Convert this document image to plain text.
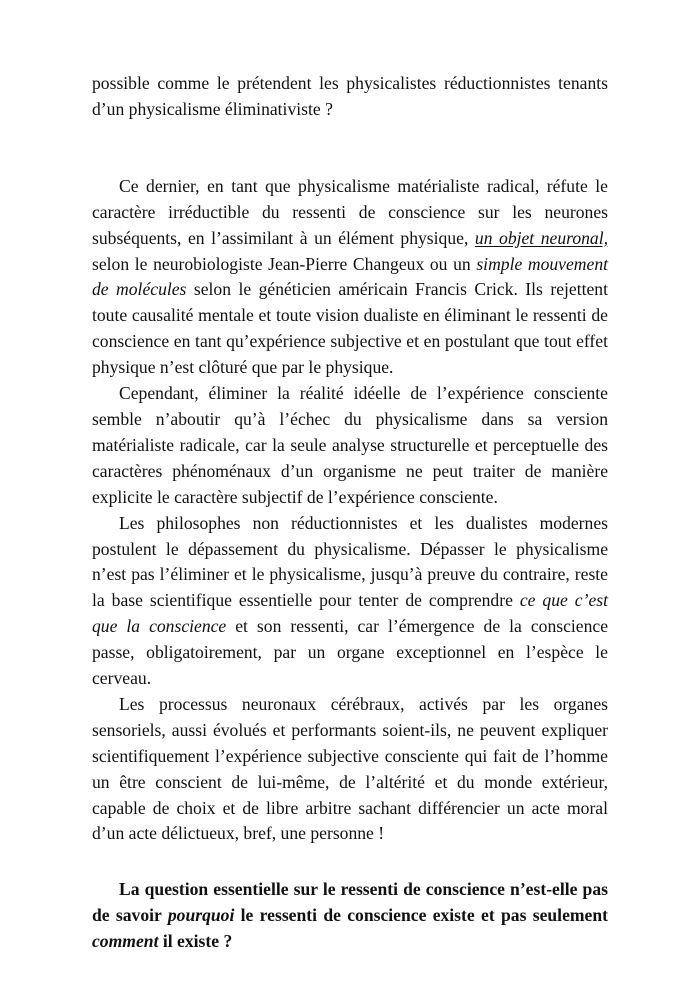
possible comme le prétendent les physicalistes réductionnistes tenants d’un physicalisme éliminativiste ?

Ce dernier, en tant que physicalisme matérialiste radical, réfute le caractère irréductible du ressenti de conscience sur les neurones subséquents, en l’assimilant à un élément physique, un objet neuronal, selon le neurobiologiste Jean-Pierre Changeux ou un simple mouvement de molécules selon le généticien américain Francis Crick. Ils rejettent toute causalité mentale et toute vision dualiste en éliminant le ressenti de conscience en tant qu’expérience subjective et en postulant que tout effet physique n’est clôturé que par le physique.

Cependant, éliminer la réalité idéelle de l’expérience consciente semble n’aboutir qu’à l’échec du physicalisme dans sa version matérialiste radicale, car la seule analyse structurelle et perceptuelle des caractères phénoménaux d’un organisme ne peut traiter de manière explicite le caractère subjectif de l’expérience consciente.

Les philosophes non réductionnistes et les dualistes modernes postulent le dépassement du physicalisme. Dépasser le physicalisme n’est pas l’éliminer et le physicalisme, jusqu’à preuve du contraire, reste la base scientifique essentielle pour tenter de comprendre ce que c’est que la conscience et son ressenti, car l’émergence de la conscience passe, obligatoirement, par un organe exceptionnel en l’espèce le cerveau.

Les processus neuronaux cérébraux, activés par les organes sensoriels, aussi évolués et performants soient-ils, ne peuvent expliquer scientifiquement l’expérience subjective consciente qui fait de l’homme un être conscient de lui-même, de l’altérité et du monde extérieur, capable de choix et de libre arbitre sachant différencier un acte moral d’un acte délictueux, bref, une personne !

La question essentielle sur le ressenti de conscience n’est-elle pas de savoir pourquoi le ressenti de conscience existe et pas seulement comment il existe ?
